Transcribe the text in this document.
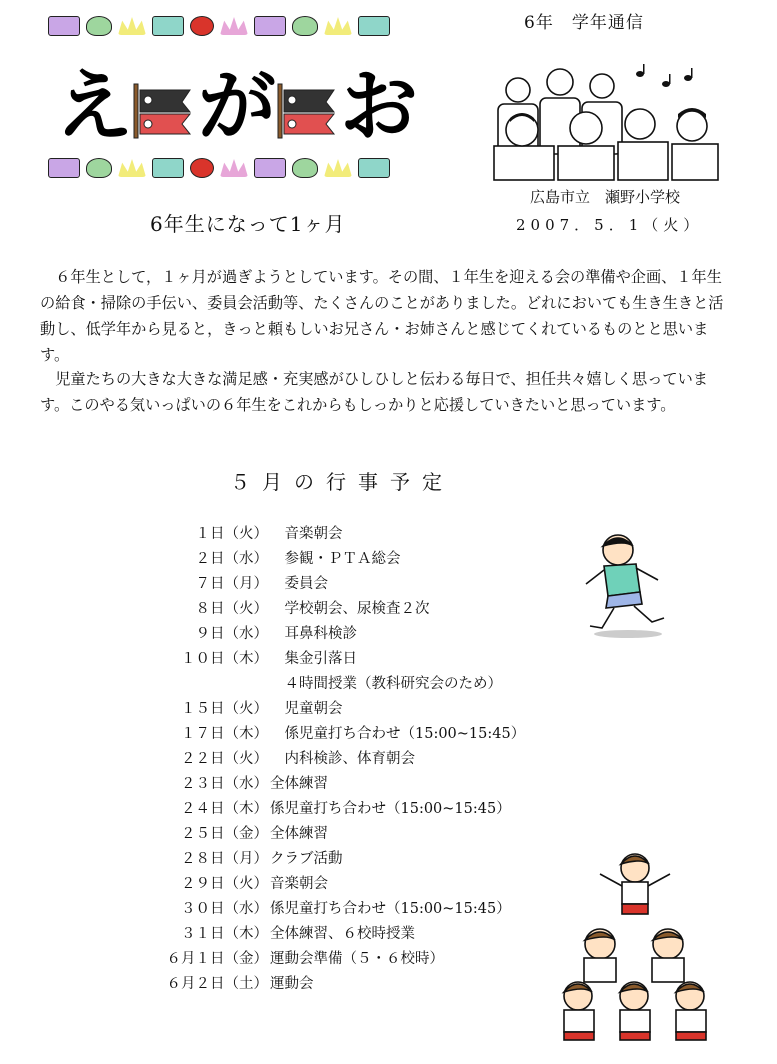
え が お
6年　学年通信
広島市立　瀬野小学校
6年生になって1ヶ月	2007．5．1（火）

　６年生として，１ヶ月が過ぎようとしています。その間、１年生を迎える会の準備や企画、１年生の給食・掃除の手伝い、委員会活動等、たくさんのことがありました。どれにおいても生き生きと活動し、低学年から見ると，きっと頼もしいお兄さん・お姉さんと感じてくれているものとと思います。

　児童たちの大きな大きな満足感・充実感がひしひしと伝わる毎日で、担任共々嬉しく思っています。このやる気いっぱいの６年生をこれからもしっかりと応援していきたいと思っています。

５月の行事予定
１日（火） 　音楽朝会
２日（水） 　参観・ＰＴＡ総会
７日（月） 　委員会
８日（火） 　学校朝会、尿検査２次
９日（水） 　耳鼻科検診
１０日（木） 　集金引落日
　４時間授業（教科研究会のため）
１５日（火） 　児童朝会
１７日（木） 　係児童打ち合わせ（15:00~15:45）
２２日（火） 　内科検診、体育朝会
２３日（水） 全体練習
２４日（木） 係児童打ち合わせ（15:00~15:45）
２５日（金） 全体練習
２８日（月） クラブ活動
２９日（火） 音楽朝会
３０日（水） 係児童打ち合わせ（15:00~15:45）
３１日（木） 全体練習、６校時授業
６月１日（金） 運動会準備（５・６校時）
６月２日（土） 運動会
